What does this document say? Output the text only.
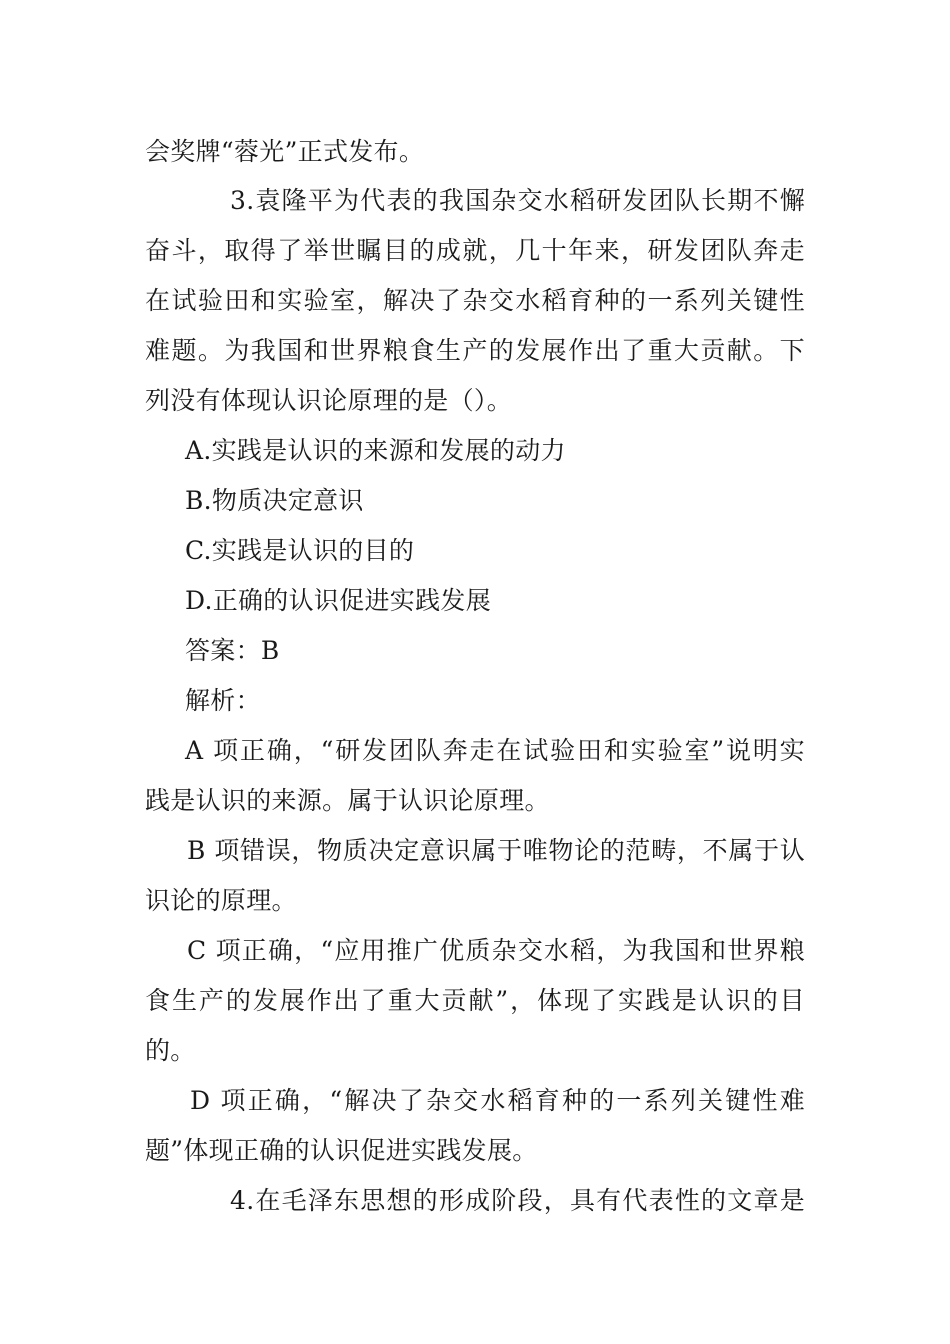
会奖牌“蓉光”正式发布。
3.袁隆平为代表的我国杂交水稻研发团队长期不懈
奋斗，取得了举世瞩目的成就，几十年来，研发团队奔走
在试验田和实验室，解决了杂交水稻育种的一系列关键性
难题。为我国和世界粮食生产的发展作出了重大贡献。下
列没有体现认识论原理的是（）。
A.实践是认识的来源和发展的动力
B.物质决定意识
C.实践是认识的目的
D.正确的认识促进实践发展
答案：B
解析：
A 项正确，“研发团队奔走在试验田和实验室”说明实
践是认识的来源。属于认识论原理。
B 项错误，物质决定意识属于唯物论的范畴，不属于认
识论的原理。
C 项正确，“应用推广优质杂交水稻，为我国和世界粮
食生产的发展作出了重大贡献”，体现了实践是认识的目
的。
D 项正确，“解决了杂交水稻育种的一系列关键性难
题”体现正确的认识促进实践发展。
4.在毛泽东思想的形成阶段，具有代表性的文章是
